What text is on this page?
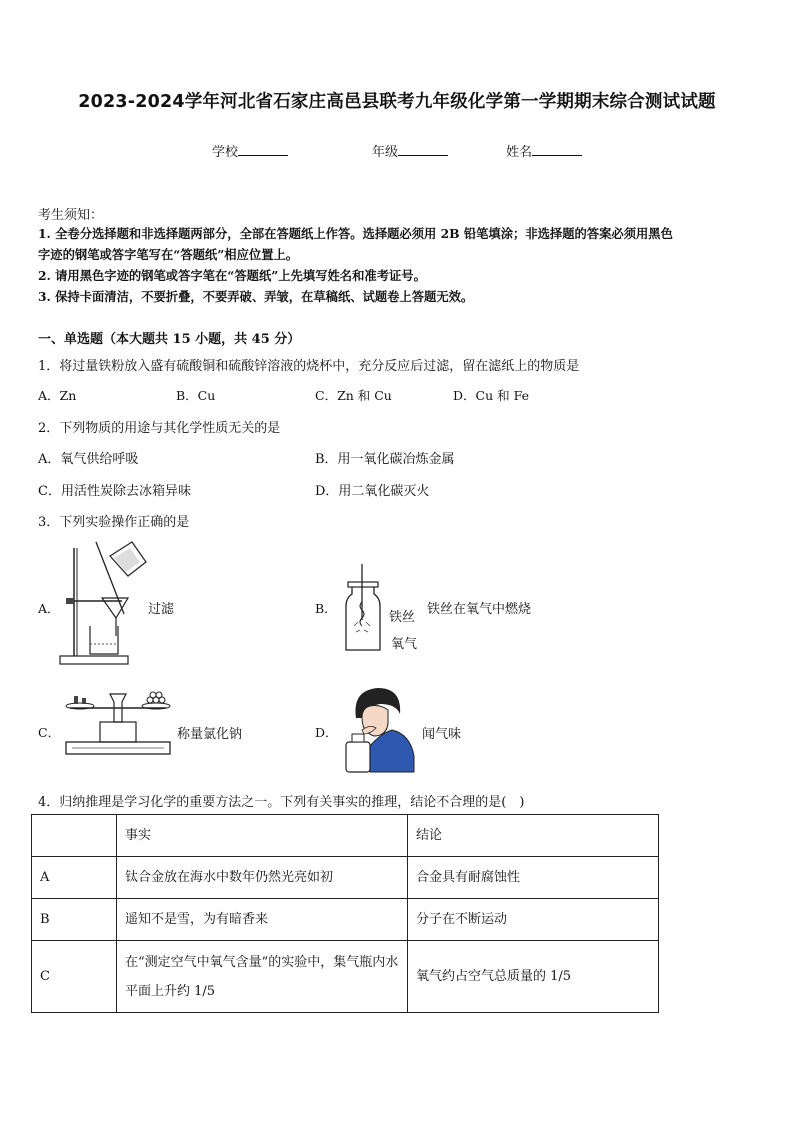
2023-2024学年河北省石家庄高邑县联考九年级化学第一学期期末综合测试试题
学校	年级	姓名
考生须知：
1. 全卷分选择题和非选择题两部分，全部在答题纸上作答。选择题必须用 2B 铅笔填涂；非选择题的答案必须用黑色
字迹的钢笔或答字笔写在“答题纸”相应位置上。
2. 请用黑色字迹的钢笔或答字笔在“答题纸”上先填写姓名和准考证号。
3. 保持卡面清洁，不要折叠，不要弄破、弄皱，在草稿纸、试题卷上答题无效。
一、单选题（本大题共 15 小题，共 45 分）
1．将过量铁粉放入盛有硫酸铜和硫酸锌溶液的烧杯中，充分反应后过滤，留在滤纸上的物质是
A．Zn	B．Cu	C．Zn 和 Cu	D．Cu 和 Fe
2．下列物质的用途与其化学性质无关的是
A．氧气供给呼吸	B．用一氧化碳冶炼金属
C．用活性炭除去冰箱异味	D．用二氧化碳灭火
3．下列实验操作正确的是
A．	过滤	B．
铁丝
氧气
铁丝在氧气中燃烧
C．	称量氯化钠	D．	闻气味
4．归纳推理是学习化学的重要方法之一。下列有关事实的推理，结论不合理的是(　)
	事实	结论
A	钛合金放在海水中数年仍然光亮如初	合金具有耐腐蚀性
B	遥知不是雪，为有暗香来	分子在不断运动
C	在“测定空气中氧气含量”的实验中，集气瓶内水平面上升约 1/5	氧气约占空气总质量的 1/5
